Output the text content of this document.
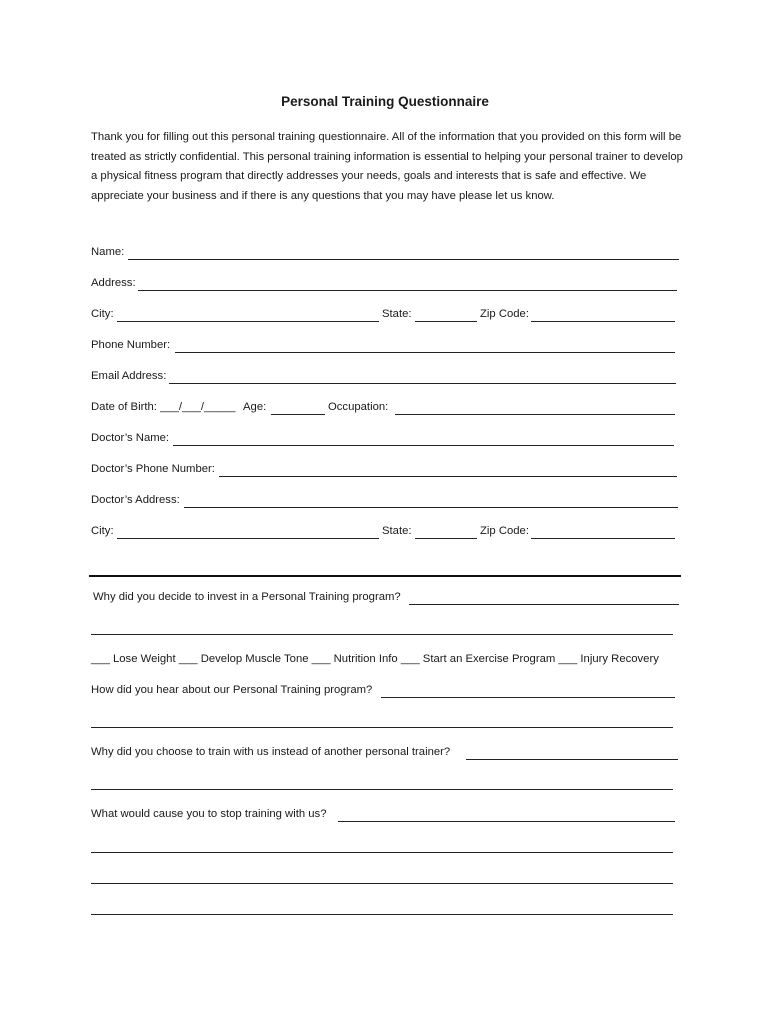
Personal Training Questionnaire
Thank you for filling out this personal training questionnaire. All of the information that you provided on this form will be treated as strictly confidential. This personal training information is essential to helping your personal trainer to develop a physical fitness program that directly addresses your needs, goals and interests that is safe and effective. We appreciate your business and if there is any questions that you may have please let us know.
Name:
Address:
City:	State:	Zip Code:
Phone Number:
Email Address:
Date of Birth: ___/___/_____ Age:	Occupation:
Doctor’s Name:
Doctor’s Phone Number:
Doctor’s Address:
City:	State:	Zip Code:
Why did you decide to invest in a Personal Training program?
___ Lose Weight ___ Develop Muscle Tone ___ Nutrition Info ___ Start an Exercise Program ___ Injury Recovery
How did you hear about our Personal Training program?
Why did you choose to train with us instead of another personal trainer?
What would cause you to stop training with us?
